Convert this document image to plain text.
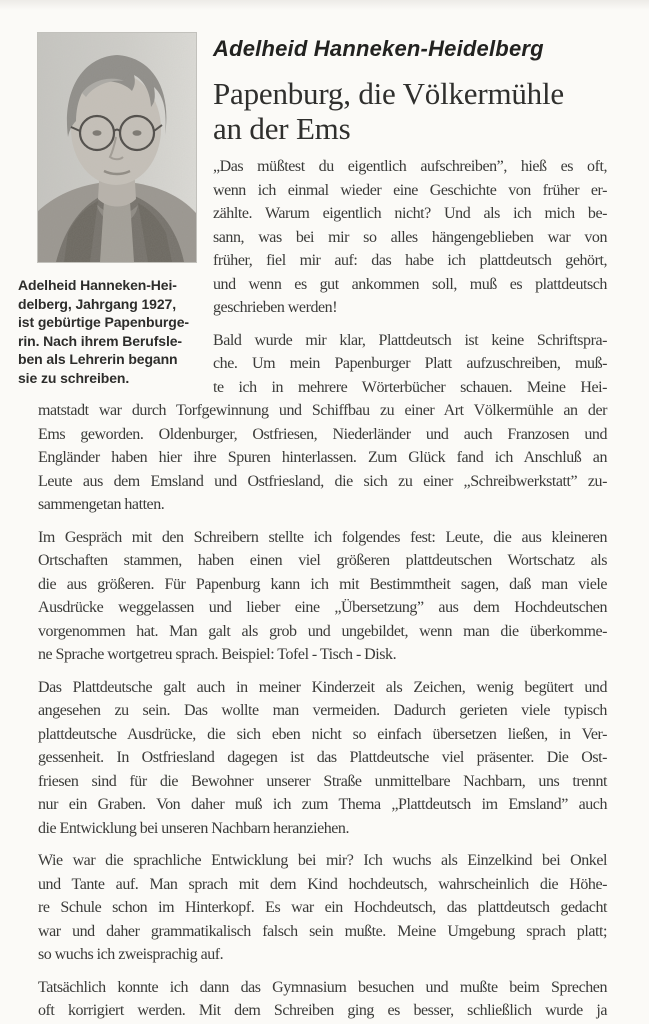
Adelheid Hanneken-Hei-
delberg, Jahrgang 1927,
ist gebürtige Papenburge-
rin. Nach ihrem Berufsle-
ben als Lehrerin begann
sie zu schreiben.
Adelheid Hanneken-Heidelberg
Papenburg, die Völkermühle
an der Ems
„Das müßtest du eigentlich aufschreiben”, hieß es oft,
wenn ich einmal wieder eine Geschichte von früher er-
zählte. Warum eigentlich nicht? Und als ich mich be-
sann, was bei mir so alles hängengeblieben war von
früher, fiel mir auf: das habe ich plattdeutsch gehört,
und wenn es gut ankommen soll, muß es plattdeutsch
geschrieben werden!
Bald wurde mir klar, Plattdeutsch ist keine Schriftspra-
che. Um mein Papenburger Platt aufzuschreiben, muß-
te ich in mehrere Wörterbücher schauen. Meine Hei-
matstadt war durch Torfgewinnung und Schiffbau zu einer Art Völkermühle an der
Ems geworden. Oldenburger, Ostfriesen, Niederländer und auch Franzosen und
Engländer haben hier ihre Spuren hinterlassen. Zum Glück fand ich Anschluß an
Leute aus dem Emsland und Ostfriesland, die sich zu einer „Schreibwerkstatt” zu-
sammengetan hatten.
Im Gespräch mit den Schreibern stellte ich folgendes fest: Leute, die aus kleineren
Ortschaften stammen, haben einen viel größeren plattdeutschen Wortschatz als
die aus größeren. Für Papenburg kann ich mit Bestimmtheit sagen, daß man viele
Ausdrücke weggelassen und lieber eine „Übersetzung” aus dem Hochdeutschen
vorgenommen hat. Man galt als grob und ungebildet, wenn man die überkomme-
ne Sprache wortgetreu sprach. Beispiel: Tofel - Tisch - Disk.
Das Plattdeutsche galt auch in meiner Kinderzeit als Zeichen, wenig begütert und
angesehen zu sein. Das wollte man vermeiden. Dadurch gerieten viele typisch
plattdeutsche Ausdrücke, die sich eben nicht so einfach übersetzen ließen, in Ver-
gessenheit. In Ostfriesland dagegen ist das Plattdeutsche viel präsenter. Die Ost-
friesen sind für die Bewohner unserer Straße unmittelbare Nachbarn, uns trennt
nur ein Graben. Von daher muß ich zum Thema „Plattdeutsch im Emsland” auch
die Entwicklung bei unseren Nachbarn heranziehen.
Wie war die sprachliche Entwicklung bei mir? Ich wuchs als Einzelkind bei Onkel
und Tante auf. Man sprach mit dem Kind hochdeutsch, wahrscheinlich die Höhe-
re Schule schon im Hinterkopf. Es war ein Hochdeutsch, das plattdeutsch gedacht
war und daher grammatikalisch falsch sein mußte. Meine Umgebung sprach platt;
so wuchs ich zweisprachig auf.
Tatsächlich konnte ich dann das Gymnasium besuchen und mußte beim Sprechen
oft korrigiert werden. Mit dem Schreiben ging es besser, schließlich wurde ja
